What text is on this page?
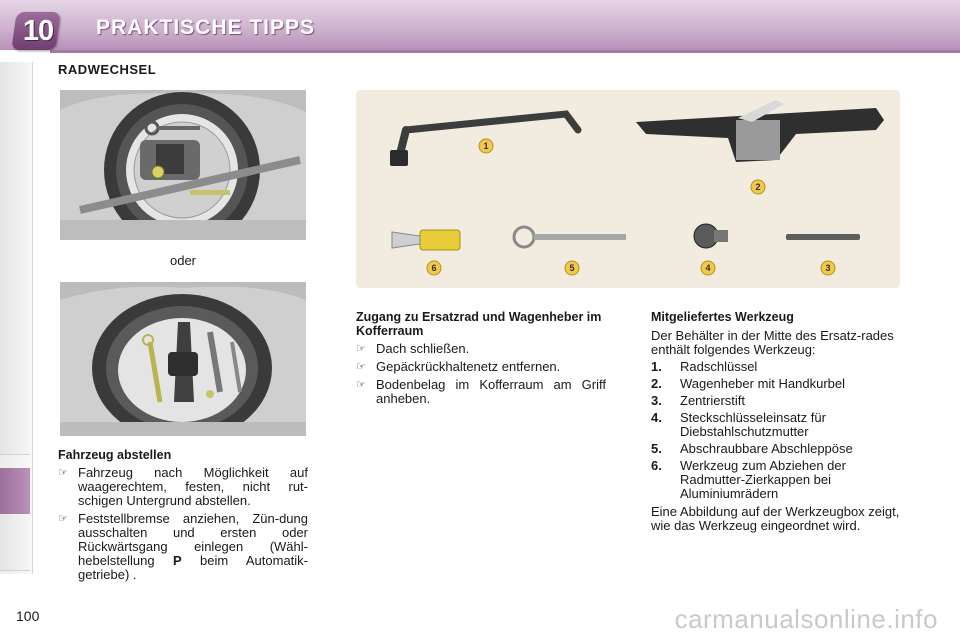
10	PRAKTISCHE TIPPS
RADWECHSEL
oder
1
2
6	5	4	3
Fahrzeug abstellen
☞ Fahrzeug nach Möglichkeit auf waagerechtem, festen, nicht rut-schigen Untergrund abstellen.
☞ Feststellbremse anziehen, Zün-dung ausschalten und ersten oder Rückwärtsgang einlegen (Wähl-hebelstellung P beim Automatik-getriebe) .
Zugang zu Ersatzrad und Wagenheber im Kofferraum
☞ Dach schließen.
☞ Gepäckrückhaltenetz entfernen.
☞ Bodenbelag im Kofferraum am Griff anheben.
Mitgeliefertes Werkzeug
Der Behälter in der Mitte des Ersatz-rades enthält folgendes Werkzeug:
1. Radschlüssel
2. Wagenheber mit Handkurbel
3. Zentrierstift
4. Steckschlüsseleinsatz für Diebstahlschutzmutter
5. Abschraubbare Abschleppöse
6. Werkzeug zum Abziehen der Radmutter-Zierkappen bei Aluminiumrädern
Eine Abbildung auf der Werkzeugbox zeigt, wie das Werkzeug eingeordnet wird.
100	carmanualsonline.info
